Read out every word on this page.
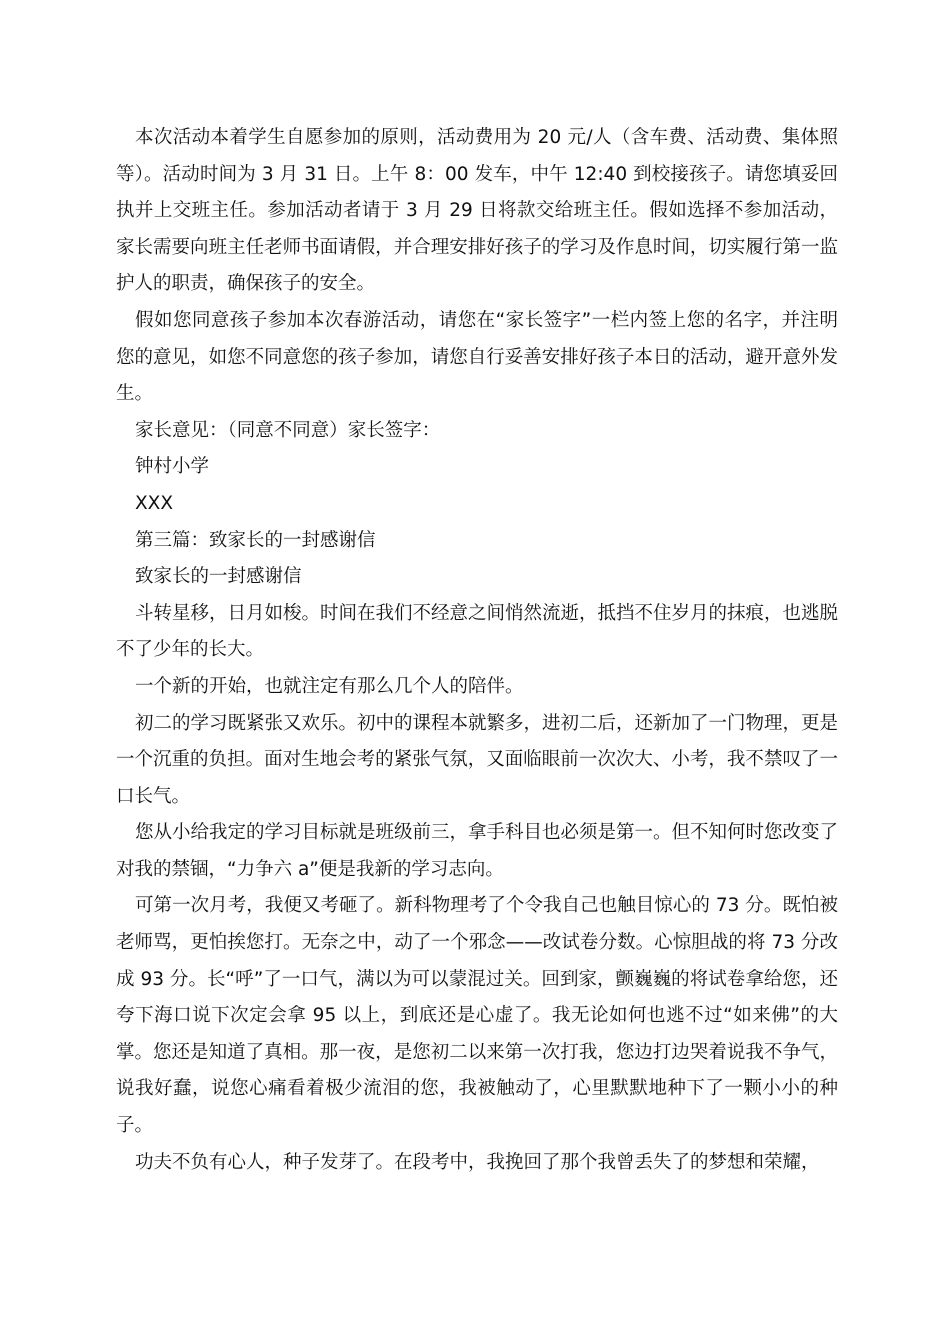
本次活动本着学生自愿参加的原则，活动费用为 20 元/人（含车费、活动费、集体照等）。活动时间为 3 月 31 日。上午 8：00 发车，中午 12:40 到校接孩子。请您填妥回执并上交班主任。参加活动者请于 3 月 29 日将款交给班主任。假如选择不参加活动，家长需要向班主任老师书面请假，并合理安排好孩子的学习及作息时间，切实履行第一监护人的职责，确保孩子的安全。

假如您同意孩子参加本次春游活动，请您在“家长签字”一栏内签上您的名字，并注明您的意见，如您不同意您的孩子参加，请您自行妥善安排好孩子本日的活动，避开意外发生。

家长意见：（同意不同意）家长签字：

钟村小学

XXX

第三篇：致家长的一封感谢信

致家长的一封感谢信

斗转星移，日月如梭。时间在我们不经意之间悄然流逝，抵挡不住岁月的抹痕，也逃脱不了少年的长大。

一个新的开始，也就注定有那么几个人的陪伴。

初二的学习既紧张又欢乐。初中的课程本就繁多，进初二后，还新加了一门物理，更是一个沉重的负担。面对生地会考的紧张气氛，又面临眼前一次次大、小考，我不禁叹了一口长气。

您从小给我定的学习目标就是班级前三，拿手科目也必须是第一。但不知何时您改变了对我的禁锢，“力争六 a”便是我新的学习志向。

可第一次月考，我便又考砸了。新科物理考了个令我自己也触目惊心的 73 分。既怕被老师骂，更怕挨您打。无奈之中，动了一个邪念——改试卷分数。心惊胆战的将 73 分改成 93 分。长“呼”了一口气，满以为可以蒙混过关。回到家，颤巍巍的将试卷拿给您，还夸下海口说下次定会拿 95 以上，到底还是心虚了。我无论如何也逃不过“如来佛”的大掌。您还是知道了真相。那一夜，是您初二以来第一次打我，您边打边哭着说我不争气，说我好蠢，说您心痛看着极少流泪的您，我被触动了，心里默默地种下了一颗小小的种子。

功夫不负有心人，种子发芽了。在段考中，我挽回了那个我曾丢失了的梦想和荣耀，
